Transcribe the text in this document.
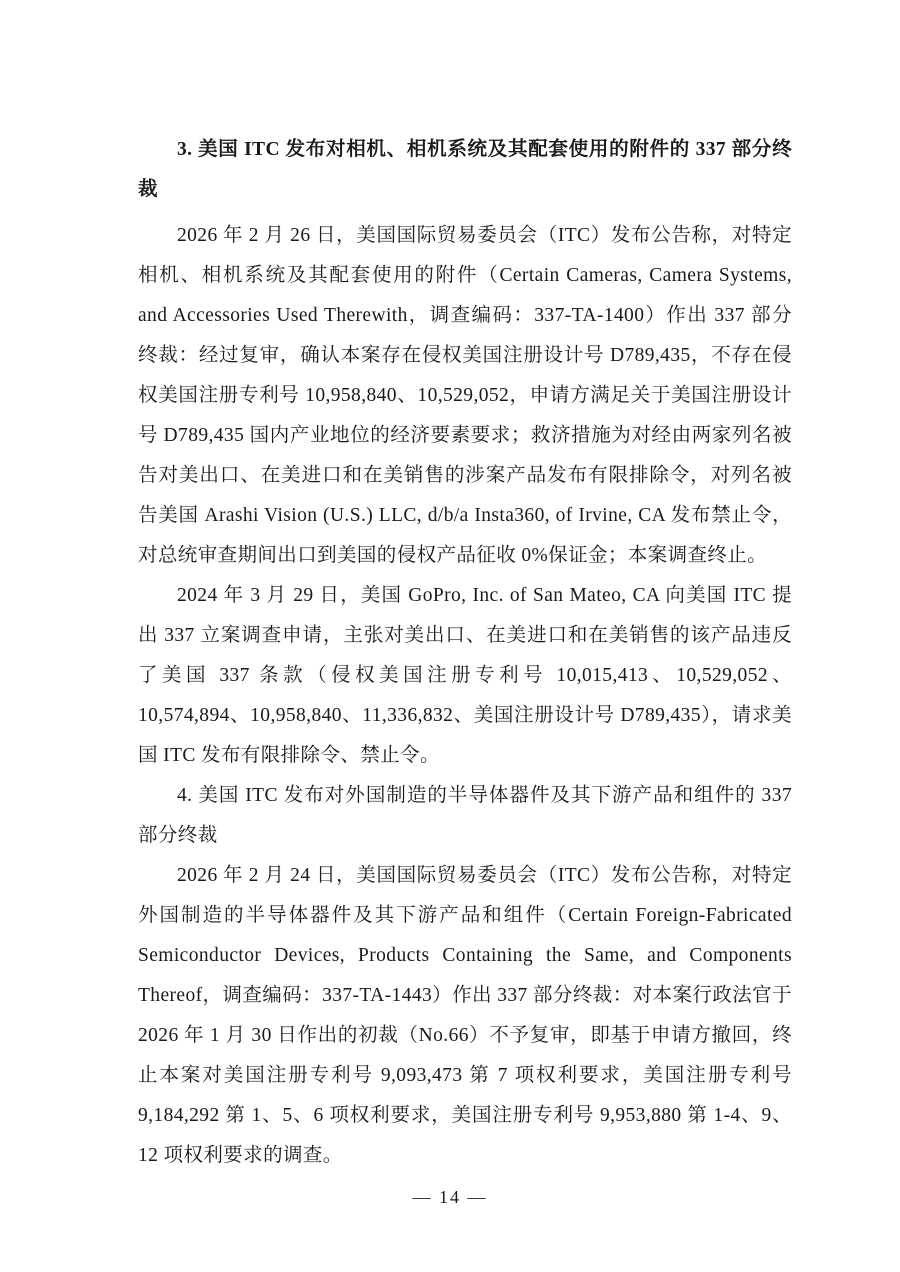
3. 美国 ITC 发布对相机、相机系统及其配套使用的附件的 337 部分终裁

2026 年 2 月 26 日，美国国际贸易委员会（ITC）发布公告称，对特定相机、相机系统及其配套使用的附件（Certain Cameras, Camera Systems, and Accessories Used Therewith，调查编码：337-TA-1400）作出 337 部分终裁：经过复审，确认本案存在侵权美国注册设计号 D789,435，不存在侵权美国注册专利号 10,958,840、10,529,052，申请方满足关于美国注册设计号 D789,435 国内产业地位的经济要素要求；救济措施为对经由两家列名被告对美出口、在美进口和在美销售的涉案产品发布有限排除令，对列名被告美国 Arashi Vision (U.S.) LLC, d/b/a Insta360, of Irvine, CA 发布禁止令，对总统审查期间出口到美国的侵权产品征收 0%保证金；本案调查终止。

2024 年 3 月 29 日，美国 GoPro, Inc. of San Mateo, CA 向美国 ITC 提出 337 立案调查申请，主张对美出口、在美进口和在美销售的该产品违反了美国 337 条款（侵权美国注册专利号 10,015,413、10,529,052、10,574,894、10,958,840、11,336,832、美国注册设计号 D789,435），请求美国 ITC 发布有限排除令、禁止令。

4. 美国 ITC 发布对外国制造的半导体器件及其下游产品和组件的 337 部分终裁

2026 年 2 月 24 日，美国国际贸易委员会（ITC）发布公告称，对特定外国制造的半导体器件及其下游产品和组件（Certain Foreign-Fabricated Semiconductor Devices, Products Containing the Same, and Components Thereof，调查编码：337-TA-1443）作出 337 部分终裁：对本案行政法官于 2026 年 1 月 30 日作出的初裁（No.66）不予复审，即基于申请方撤回，终止本案对美国注册专利号 9,093,473 第 7 项权利要求，美国注册专利号 9,184,292 第 1、5、6 项权利要求，美国注册专利号 9,953,880 第 1-4、9、12 项权利要求的调查。

— 14 —
